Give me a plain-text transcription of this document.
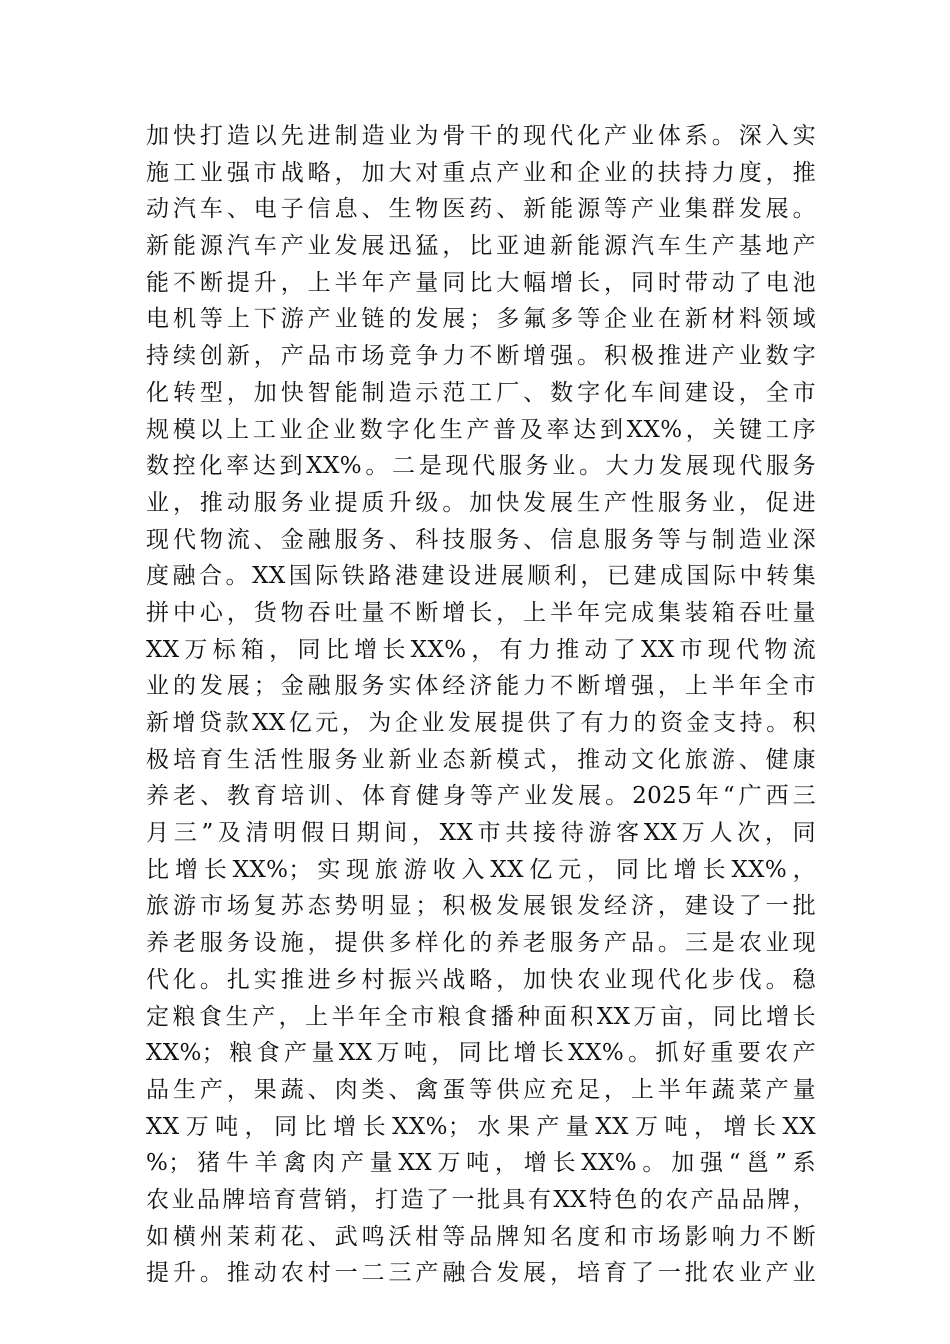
加快打造以先进制造业为骨干的现代化产业体系。深入实
施工业强市战略，加大对重点产业和企业的扶持力度，推
动汽车、电子信息、生物医药、新能源等产业集群发展。
新能源汽车产业发展迅猛，比亚迪新能源汽车生产基地产
能不断提升，上半年产量同比大幅增长，同时带动了电池
电机等上下游产业链的发展；多氟多等企业在新材料领域
持续创新，产品市场竞争力不断增强。积极推进产业数字
化转型，加快智能制造示范工厂、数字化车间建设，全市
规模以上工业企业数字化生产普及率达到XX%，关键工序
数控化率达到XX%。二是现代服务业。大力发展现代服务
业，推动服务业提质升级。加快发展生产性服务业，促进
现代物流、金融服务、科技服务、信息服务等与制造业深
度融合。XX国际铁路港建设进展顺利，已建成国际中转集
拼中心，货物吞吐量不断增长，上半年完成集装箱吞吐量
XX万标箱，同比增长XX%，有力推动了XX市现代物流
业的发展；金融服务实体经济能力不断增强，上半年全市
新增贷款XX亿元，为企业发展提供了有力的资金支持。积
极培育生活性服务业新业态新模式，推动文化旅游、健康
养老、教育培训、体育健身等产业发展。2025年“广西三
月三”及清明假日期间，XX市共接待游客XX万人次，同
比增长XX%；实现旅游收入XX亿元，同比增长XX%，
旅游市场复苏态势明显；积极发展银发经济，建设了一批
养老服务设施，提供多样化的养老服务产品。三是农业现
代化。扎实推进乡村振兴战略，加快农业现代化步伐。稳
定粮食生产，上半年全市粮食播种面积XX万亩，同比增长
XX%；粮食产量XX万吨，同比增长XX%。抓好重要农产
品生产，果蔬、肉类、禽蛋等供应充足，上半年蔬菜产量
XX万吨，同比增长XX%；水果产量XX万吨，增长XX
%；猪牛羊禽肉产量XX万吨，增长XX%。加强“邕”系
农业品牌培育营销，打造了一批具有XX特色的农产品品牌，
如横州茉莉花、武鸣沃柑等品牌知名度和市场影响力不断
提升。推动农村一二三产融合发展，培育了一批农业产业
